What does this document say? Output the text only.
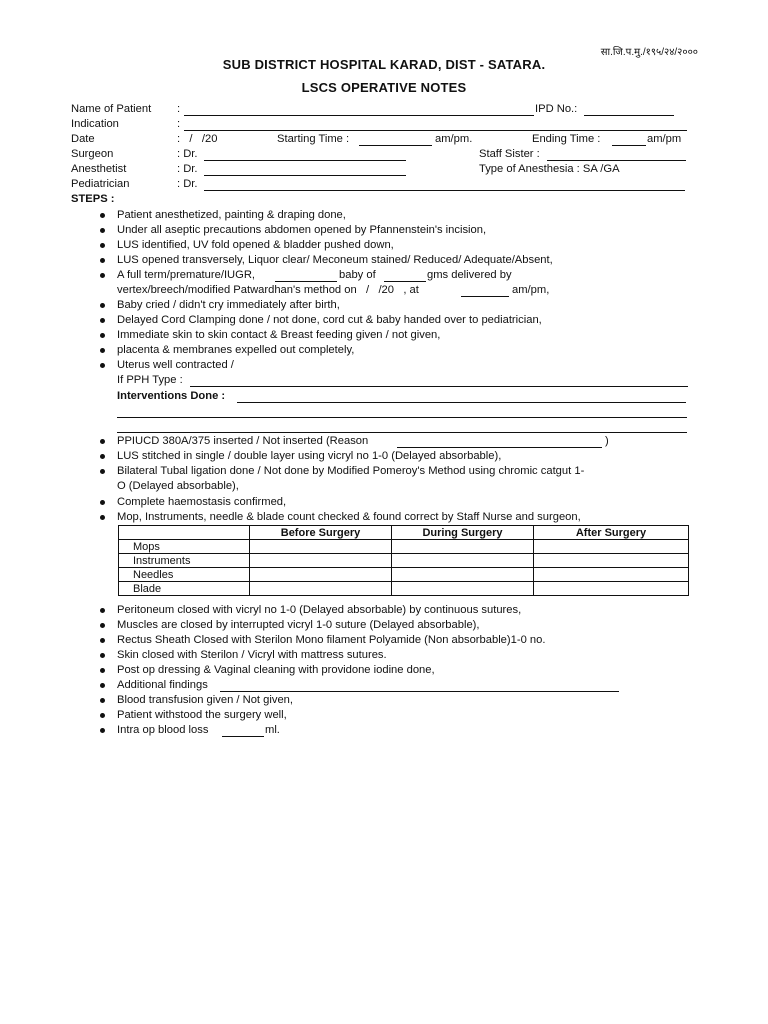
सा.जि.प.मु./१९५/२४/२०००
SUB DISTRICT HOSPITAL KARAD, DIST - SATARA.
LSCS OPERATIVE NOTES
Name of Patient :	IPD No.:
Indication	:
Date	:   /   /20	Starting Time :	am/pm.	Ending Time :	am/pm
Surgeon	: Dr.	Staff Sister :
Anesthetist	: Dr.	Type of Anesthesia : SA /GA
Pediatrician	: Dr.
STEPS :
Patient anesthetized, painting & draping done,
Under all aseptic precautions abdomen opened by Pfannenstein's incision,
LUS identified, UV fold opened & bladder pushed down,
LUS opened transversely, Liquor clear/ Meconeum stained/ Reduced/ Adequate/Absent,
A full term/premature/IUGR,	baby of	gms delivered by
vertex/breech/modified Patwardhan's method on   /   /20   , at	am/pm,
Baby cried / didn't cry immediately after birth,
Delayed Cord Clamping done / not done, cord cut & baby handed over to pediatrician,
Immediate skin to skin contact & Breast feeding given / not given,
placenta & membranes expelled out completely,
Uterus well contracted /
If PPH Type :
Interventions Done :
PPIUCD 380A/375 inserted / Not inserted (Reason	)
LUS stitched in single / double layer using vicryl no 1-0 (Delayed absorbable),
Bilateral Tubal ligation done / Not done by Modified Pomeroy's Method using chromic catgut 1-
O (Delayed absorbable),
Complete haemostasis confirmed,
Mop, Instruments, needle & blade count checked & found correct by Staff Nurse and surgeon,
	Before Surgery	During Surgery	After Surgery
Mops			
Instruments			
Needles			
Blade			
Peritoneum closed with vicryl no 1-0 (Delayed absorbable) by continuous sutures,
Muscles are closed by interrupted vicryl 1-0 suture (Delayed absorbable),
Rectus Sheath Closed with Sterilon Mono filament Polyamide (Non absorbable)1-0 no.
Skin closed with Sterilon / Vicryl with mattress sutures.
Post op dressing & Vaginal cleaning with providone iodine done,
Additional findings
Blood transfusion given / Not given,
Patient withstood the surgery well,
Intra op blood loss	ml.
